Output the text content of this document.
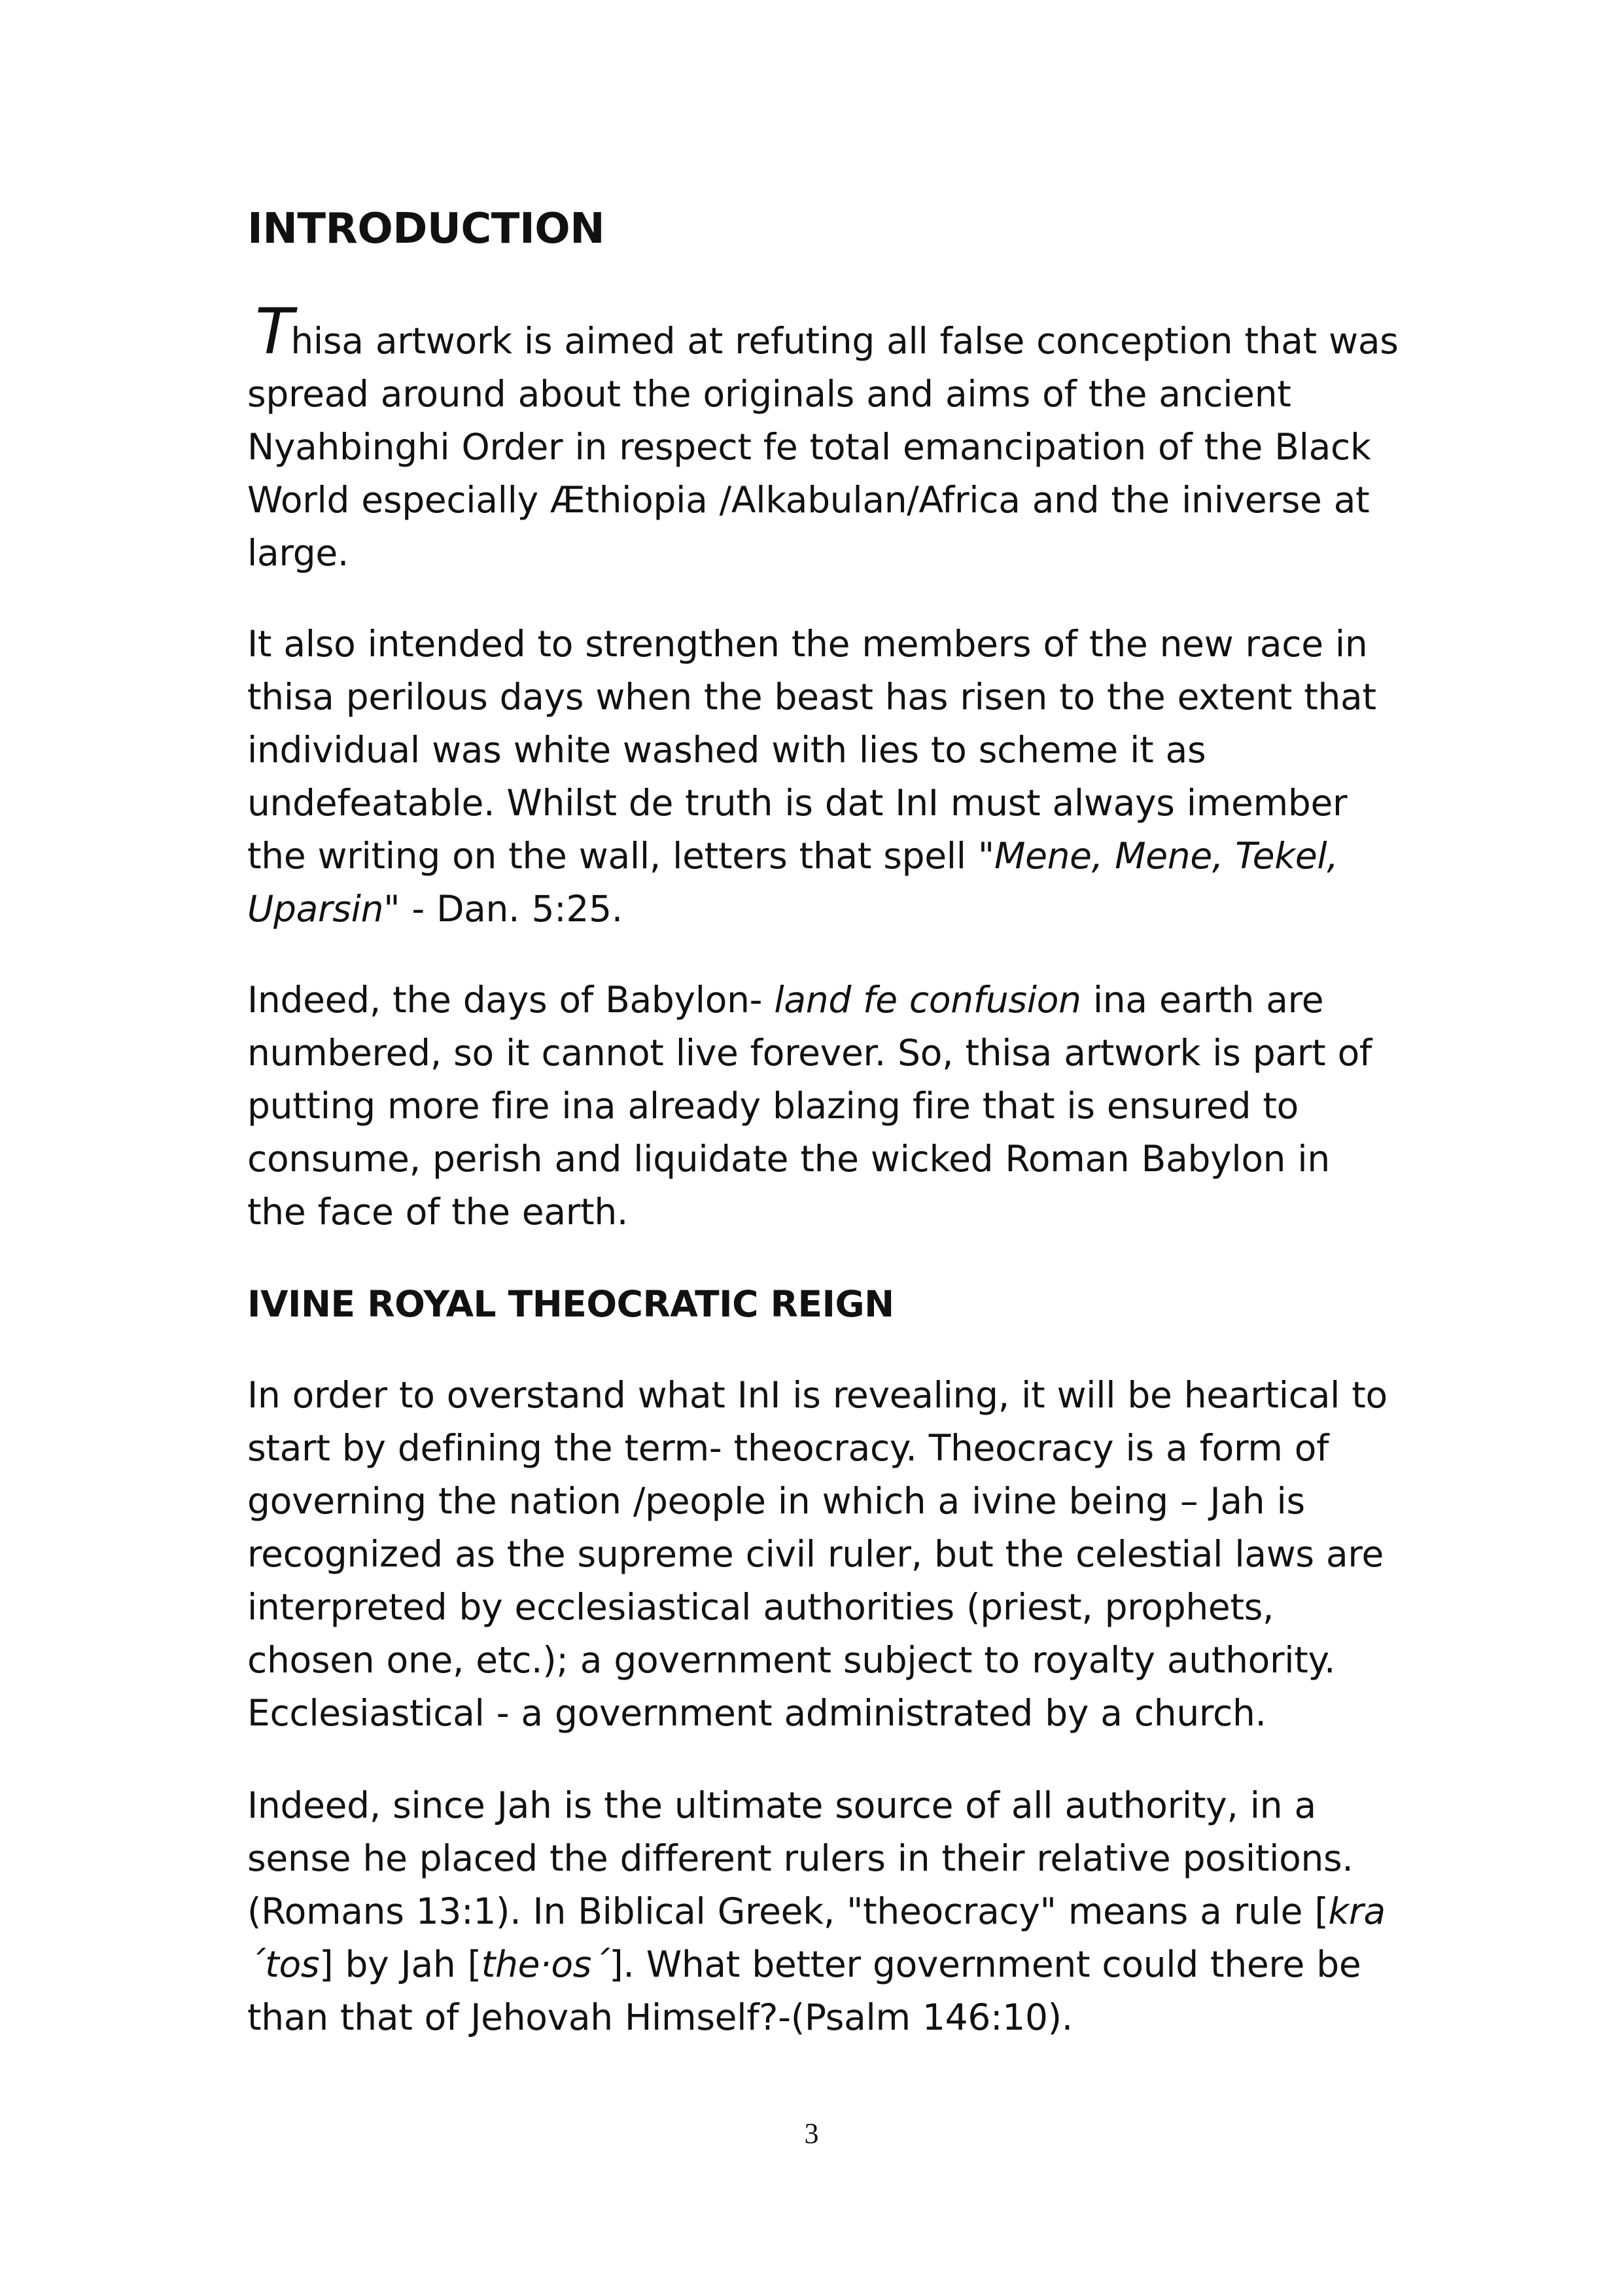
INTRODUCTION

Thisa artwork is aimed at refuting all false conception that was spread around about the originals and aims of the ancient Nyahbinghi Order in respect fe total emancipation of the Black World especially Æthiopia /Alkabulan/Africa and the iniverse at large.

It also intended to strengthen the members of the new race in thisa perilous days when the beast has risen to the extent that individual was white washed with lies to scheme it as undefeatable. Whilst de truth is dat InI must always imember the writing on the wall, letters that spell "Mene, Mene, Tekel, Uparsin" - Dan. 5:25.

Indeed, the days of Babylon- land fe confusion ina earth are numbered, so it cannot live forever. So, thisa artwork is part of putting more fire ina already blazing fire that is ensured to consume, perish and liquidate the wicked Roman Babylon in the face of the earth.

IVINE ROYAL THEOCRATIC REIGN

In order to overstand what InI is revealing, it will be heartical to start by defining the term- theocracy. Theocracy is a form of governing the nation /people in which a ivine being – Jah is recognized as the supreme civil ruler, but the celestial laws are interpreted by ecclesiastical authorities (priest, prophets, chosen one, etc.); a government subject to royalty authority. Ecclesiastical - a government administrated by a church.

Indeed, since Jah is the ultimate source of all authority, in a sense he placed the different rulers in their relative positions. (Romans 13:1). In Biblical Greek, "theocracy" means a rule [kra´tos] by Jah [the·os´]. What better government could there be than that of Jehovah Himself?-(Psalm 146:10).

3
